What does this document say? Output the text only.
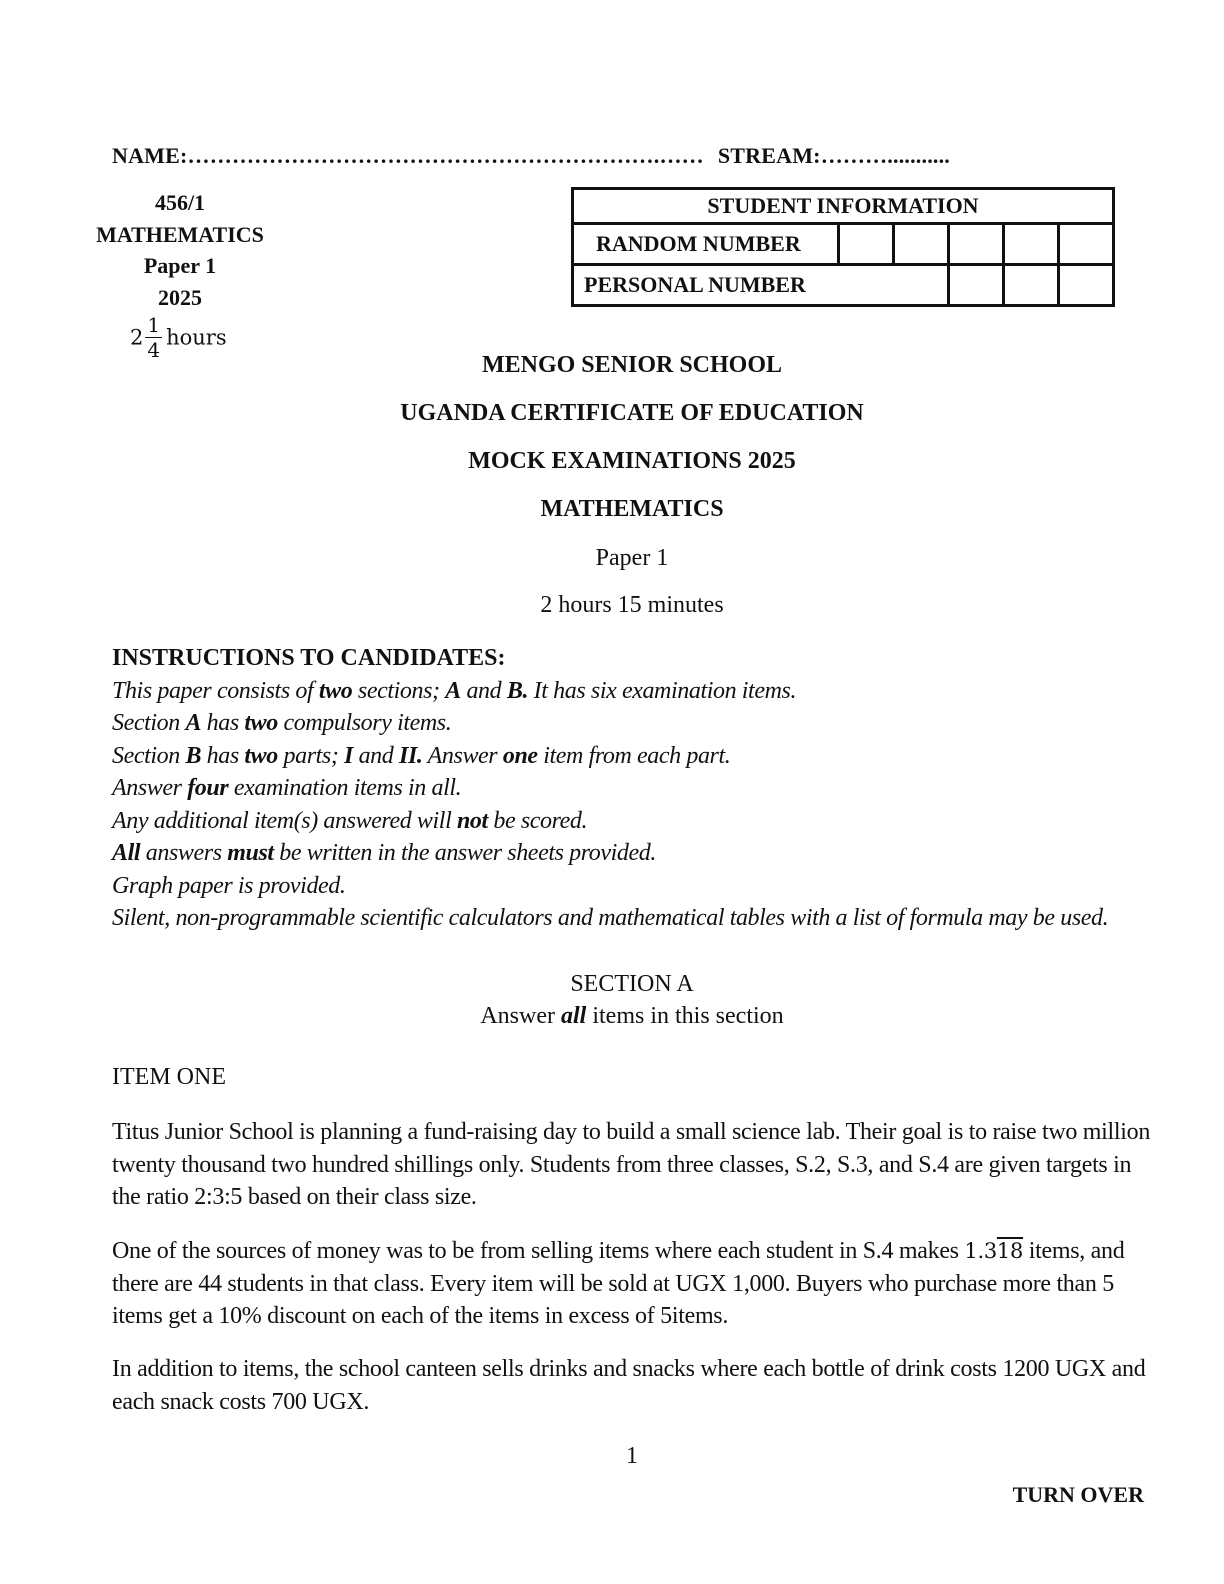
NAME:……………………………………………………….…… STREAM:………...........
456/1
MATHEMATICS
Paper 1
2025
$2 \frac{1}{4}$ hours
STUDENT INFORMATION					
RANDOM NUMBER					
PERSONAL NUMBER					
MENGO SENIOR SCHOOL
UGANDA CERTIFICATE OF EDUCATION
MOCK EXAMINATIONS 2025
MATHEMATICS
Paper 1
2 hours 15 minutes
INSTRUCTIONS TO CANDIDATES:
This paper consists of two sections; A and B. It has six examination items.
Section A has two compulsory items.
Section B has two parts; I and II. Answer one item from each part.
Answer four examination items in all.
Any additional item(s) answered will not be scored.
All answers must be written in the answer sheets provided.
Graph paper is provided.
Silent, non-programmable scientific calculators and mathematical tables with a list of formula may be used.
SECTION A
Answer all items in this section
ITEM ONE
Titus Junior School is planning a fund-raising day to build a small science lab. Their goal is to raise two million twenty thousand two hundred shillings only. Students from three classes, S.2, S.3, and S.4 are given targets in the ratio 2:3:5 based on their class size.
One of the sources of money was to be from selling items where each student in S.4 makes 1.318 items, and there are 44 students in that class. Every item will be sold at UGX 1,000. Buyers who purchase more than 5 items get a 10% discount on each of the items in excess of 5items.
In addition to items, the school canteen sells drinks and snacks where each bottle of drink costs 1200 UGX and each snack costs 700 UGX.
1
TURN OVER
